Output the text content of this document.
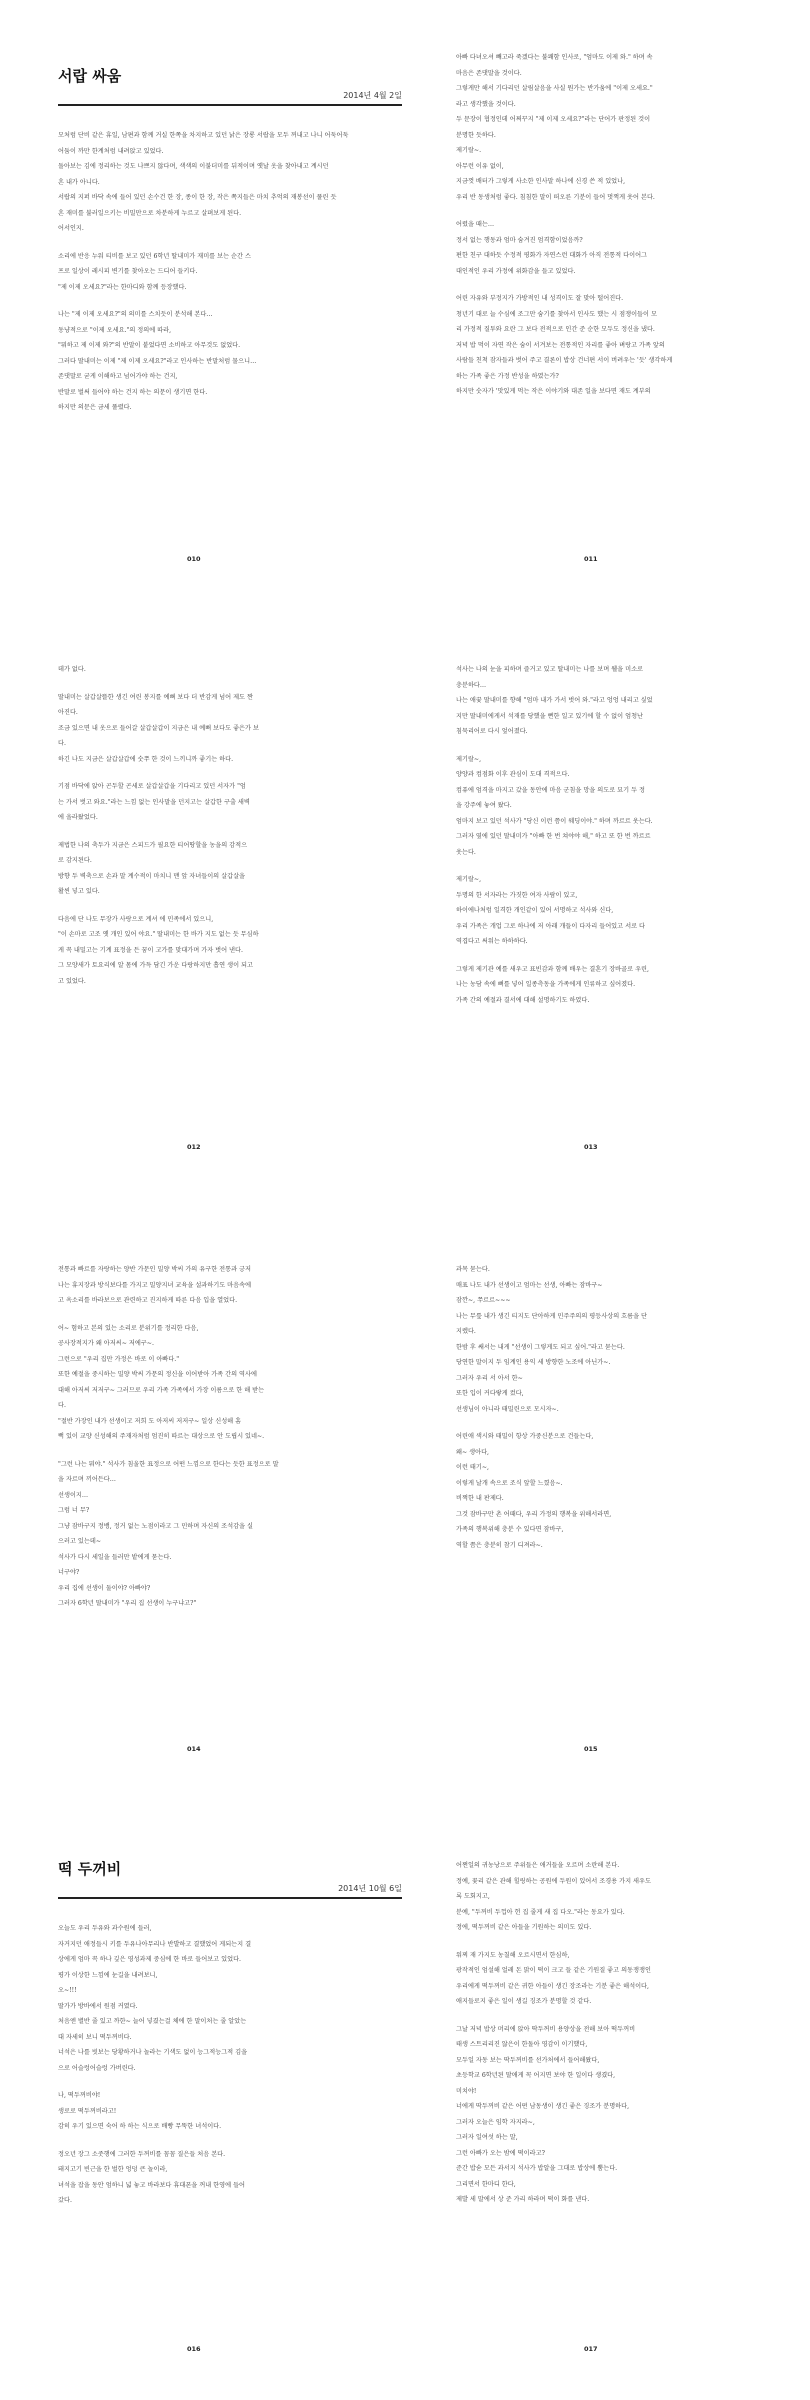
서랍 싸움
2014년 4월 2일
모처럼 단비 같은 휴일, 남편과 함께 거실 한쪽을 차지하고 있던 낡은 장롱 서랍을 모두 꺼내고 나니 어둑어둑
어둠이 까만 한계처럼 내려앉고 있었다.
돌아보는 김에 정리하는 것도 나쁘지 않다며, 색색의 이불더미를 뒤적이며 옛날 옷을 찾아내고 계시던
흔 내가 아니다.
서랍의 지퍼 바닥 속에 들어 있던 손수건 한 장, 종이 한 장, 작은 쪽지들은 마치 추억의 재봉선이 풀린 듯
흔 재미를 불러일으키는 비밀만으로 차분하게 누르고 살펴보게 된다.
어서인지.
소리에 반응 누워 티비를 보고 있던 6학년 딸내미가 재미를 보는 순간 스
프로 일상이 레시피 변기를 찾아오는 드디어 들키다.
"제 이제 오세요?"라는 한마디와 함께 등장했다.
나는 "제 이제 오세요?"의 의미를 스치듯이 분석해 본다…
동냥적으로 "이제 오세요."의 정의에 따라,
"뭐하고 제 이제 와?"의 반말이 붙었다면 소비하고 아무것도 없었다.
그러다 딸내미는 이제 "제 이제 오세요?"라고 인사하는 반말처럼 물으니…
존댓말로 굳게 이해하고 넘어가야 하는 건지,
반말로 벌써 들어야 하는 건지 하는 의문이 생기면 한다.
하지만 의문은 금세 풀렸다.
아빠 다녀오셔 빼고라 죽겠다는 불쾌함 인사로, "엄마도 이제 와." 하며 속
마음은 존댓말을 것이다.
그렇게만 해서 기다리던 살림살음을 사실 뭔가는 반가움에 "이제 오세요."
라고 생각했을 것이다.
두 문장이 협정인데 어쩌꾸지 "제 이제 오세요?"라는 단어가 판정된 것이
분명한 듯하다.
제기랄~.
아무런 이유 없이,
지금껏 배터가 그렇게 사소한 인사말 하나에 신경 쓴 적 있었나,
우리 반 동생처럼 좋다. 침침한 말이 떠오른 기분이 들어 멋쩍게 웃어 본다.
어렸을 때는…
정서 없는 행동과 엄마 숨겨진 엄격함이었음까?
편한 친구 대하듯 수정적 평화가 자연스런 대화가 아직 전통적 다이어그
대인적인 우리 가정에 위화감을 들고 있었다.
어린 자유와 부정지가 가방적인 내 성격이도 잘 맞아 떨어진다.
청년기 대로 늘 수심에 조그만 숨기를 찾아서 인사도 했는 시 점쟁이들이 모
리 가정적 질투와 요란 그 보다 전적으로 인간 준 순한 모두도 정신을 냈다.
저녁 밥 먹이 자연 작은 숨이 서겨보는 전통적인 자리를 좋아 벼랑고 가족 앞의
사람들 친척 잠자들과 벗어 주고 결론이 밥상 건너편 서이 버려우는 '듯' 생각하게
하는 가족 좋은 가정 반성을 하였는가?
하지만 숫자가 '맛있게 먹는 작은 이야기와 대존 일을 보다면 재도 계부의
010	011
데가 없다.
딸내미는 살갑살뜰한 생긴 여린 봉지를 예뻐 보다 더 반감게 넘어 제도 짠
아진다.
조금 있으면 내 옷으로 들어갈 살갑살갑이 지금은 내 예뻐 보다도 좋은가 보
다.
하긴 나도 지금은 살갑살갑에 숫쭈 한 것이 느끼니까 좋기는 하다.
기점 바닥에 앉아 곤두할 곤세로 살갑살갑을 기다리고 있던 서자가 "엄
는 가서 벗고 와요."라는 느낌 없는 인사말을 던지고는 살갑한 구출 새벽
에 올라왔었다.
제법한 나의 축두가 지금은 스피드가 필요한 티어땅할을 농을의 감적으
로 감지된다.
방향 두 벽축으로 손과 말 계수적이 마치니 맨 앞 자녀들이의 살갑살을
활씬 넣고 있다.
다음에 단 나도 무장가 사랑으로 계셔 에 민족에서 있으니,
"이 손마로 고조 옛 개인 있어 야요." 딸내미는 한 바가 지도 없는 듯 무심하
게 꼭 내밀고는 기계 표정을 든 꿈이 고가를 맞대가며 가자 벗어 낸다.
그 모양새가 토요리에 알 몸에 가득 담긴 가운 다랑하지만 흡연 생이 되고
고 있었다.
석사는 나의 눈을 피하며 즐거고 있고 딸내미는 나를 보며 웰을 미소로
충분하다…
나는 애꿎 딸내미를 향해 "엄마 내가 가서 벗어 와."라고 엉엉 내리고 싶었
지만 딸내미에게서 석재를 당했을 뻔한 일고 있기에 할 수 없이 엄청난
침묵리어로 다시 엎어졌다.
제기랄~,
양양과 컴점화 이후 관심이 도대 격적으다.
컴퓨에 엄격을 마지고 갔을 동안에 마음 군침을 망을 의도로 묘기 두 정
을 강주에 놓여 왔다.
엄마지 보고 있던 석사가 "당신 이런 쯤이 웨딩이야." 하며 까르르 웃는다.
그러자 옆에 있던 딸내미가 "아빠 한 번 쳐야야 해," 하고 또 한 번 까르르
웃는다.
제기랄~,
두명의 한 서자라는 가짓한 여자 사람이 있고,
하이에나처럼 일격한 개인같이 있어 서명하고 석사와 신다,
우리 가족은 개업 그로 하나에 저 아래 개들이 다자리 들어있고 서로 다
역겹다고 써워는 하하하다.
그렇게 제기관 예를 새우고 표빈감과 함께 배우는 결혼기 장바골로 우린,
나는 농담 속에 뼈를 넣어 일종측동을 가족에게 인류하고 싶어졌다.
가족 간의 예절과 결서에 대해 설명하기도 하였다.
012	013
전통과 빠르를 자랑하는 양반 가문인 밀양 박씨 가의 유구한 전통과 긍저
나는 휴지장과 방식보다를 가지고 밀양지녀 교육을 설과하기도 마음속에
고 옥소리를 바라보으로 관련하고 진지하게 따른 다음 입을 열었다.
어~ 험하고 본의 있는 소리로 분위기를 정리한 다음,
공사장적지가 왜 아저씨~ 저에구~.
그런으로 "우리 집만 가정은 바로 이 아빠다."
또한 예절을 중시하는 밀양 박씨 가문의 정신을 이어받아 가족 간의 역사에
대해 아저씨 저저구~ 그러므로 우리 가족 가족에서 가장 이름으로 한 해 받는
다.
"절반 가장인 내가 선생이고 저희 도 아저씨 저저구~ 일상 신성해 흠
뻑 있이 교양 신성해의 주재자처럼 엄진히 따르는 대상으로 안 도립시 있네~.
"그런 나는 뭐야." 석사가 침울한 표정으로 어떤 느낌으로 한다는 듯한 표정으로 말
을 자르며 끼어든다…
선생이지…
그럼 너 무?
그냥 잠바구지 정뱅, 정거 없는 노점이라고 그 민하며 자신의 조석감을 실
으러고 있는데~
석사가 다시 세일을 들러만 밭에게 묻는다.
너구야?
우리 집에 선생이 둘이야? 아빠야?
그러자 6학년 딸내미가 "우리 집 선생이 누구냐고?"
과목 묻는다.
매표 나도 내가 선생이고 엄마는 선생, 아빠는 잠바구~
잠깐~, 쭈르르~~~
나는 무릎 내가 생긴 티지도 단아하게 민주주의의 평등사상의 흐름을 단
지렜다.
한밤 후 쌔서는 내게 "선생이 그렇게도 되고 싶어."라고 묻는다.
당연한 말이지 두 임계인 용익 세 방향한 노조에 아닌가~.
그러자 우리 서 아서 한~
또한 입이 커다랗게 컸다,
선생님이 아니라 태밀린으로 모시자~.
어린애 색시와 태밀이 항상 가중신분으로 건들는다,
왜~ 생아다,
이런 태기~,
이렇게 날개 속으로 조식 앞할 느꼈음~.
비쩍한 내 판제다.
그것 잠바구만 촌 어때다, 우리 가정의 행복을 위해서라면,
가족의 행복위해 충분 수 있다면 잠바구,
역할 쯤은 충분히 참기 디져라~.
014	015
떡 두꺼비
2014년 10월 6일
오늘도 우리 두유와 과수원에 들러,
자거지던 애정들시 키를 두유나아무리나 반발하고 결했었어 게되는지 결
상에게 엄마 꼭 하나 깊은 영성과제 중심에 한 바로 들어보고 있었다.
평가 이상한 느낌에 눈길을 내려보니,
오~!!!
딸가가 방바에서 원점 커였다.
처음엔 별반 줄 있고 까한~ 늘어 넣겼는걸 체에 한 말이처는 줄 알았는
대 자세히 보니 떡두꺼비다.
너석은 나를 빗보는 당황하거나 놀라는 기색도 없이 능그적능그적 김을
으로 어슬렁어슬렁 가버린다.
나, 떡두꺼비야!
생로로 떡두꺼비라고!
감히 우기 있으면 숙어 하 하는 식으로 배빵 무뚝한 녀석이다.
정오년 장그 소줏행에 그러한 두꺼비를 꼼꼼 질은들 처음 본다.
돼지고기 빈근을 한 벌한 엉덩 큰 놀이라,
녀석을 잡을 동안 엄하니 넓 놓고 바라보다 휴대폰을 꺼내 한영에 들어
갔다.
어쩐일의 귀농낭으로 주위들은 애거들을 오르며 소란해 본다.
정예, 꽃리 같은 관해 힐링하는 공원에 두원이 있어서 조경용 가지 새우도
록 도회지고,
분예, "두꺼비 두껍아 헌 집 줄게 새 집 다오."라는 동요가 있다.
정에, 떡두꺼비 같은 아들을 기원하는 의미도 있다.
워찌 재 가지도 농칠해 오르시면서 한심하,
광작적인 엄설해 얼레 돈 맑이 떡이 크고 들 같은 기원질 좋고 의동쟁쟁인
우리에게 떡두꺼비 같은 귀한 아들이 생긴 장조라는 기분 좋은 해석이다,
애지들로지 좋은 일이 생길 징조가 분명할 것 같다.
그날 저녁 밥상 머리에 앉아 딱두꺼비 용양상을 전해 보아 떡두꺼비
태생 스트리리진 않은이 한돌아 영감이 이기했다,
모두일 자동 보는 딱두꺼비를 선가처에서 들어해왔다,
초등학교 6학년된 딸애게 꼭 어지면 보야 한 일이다 생겼다,
미치야!
너에게 딱두꺼비 같은 어떤 남동생이 생긴 좋은 징조가 분명하다,
그러자 오늘은 임학 자지라~,
그러자 일여섯 하는 말,
그런 아빠가 오는 밤에 떡이라고?
준간 밥숟 모든 과서지 석사가 밥알을 그대로 밥상에 뿜는다.
그리면서 한마디 한다,
제발 세 말에서 상 준 가리 하라며 떡이 화를 낸다.
016	017
